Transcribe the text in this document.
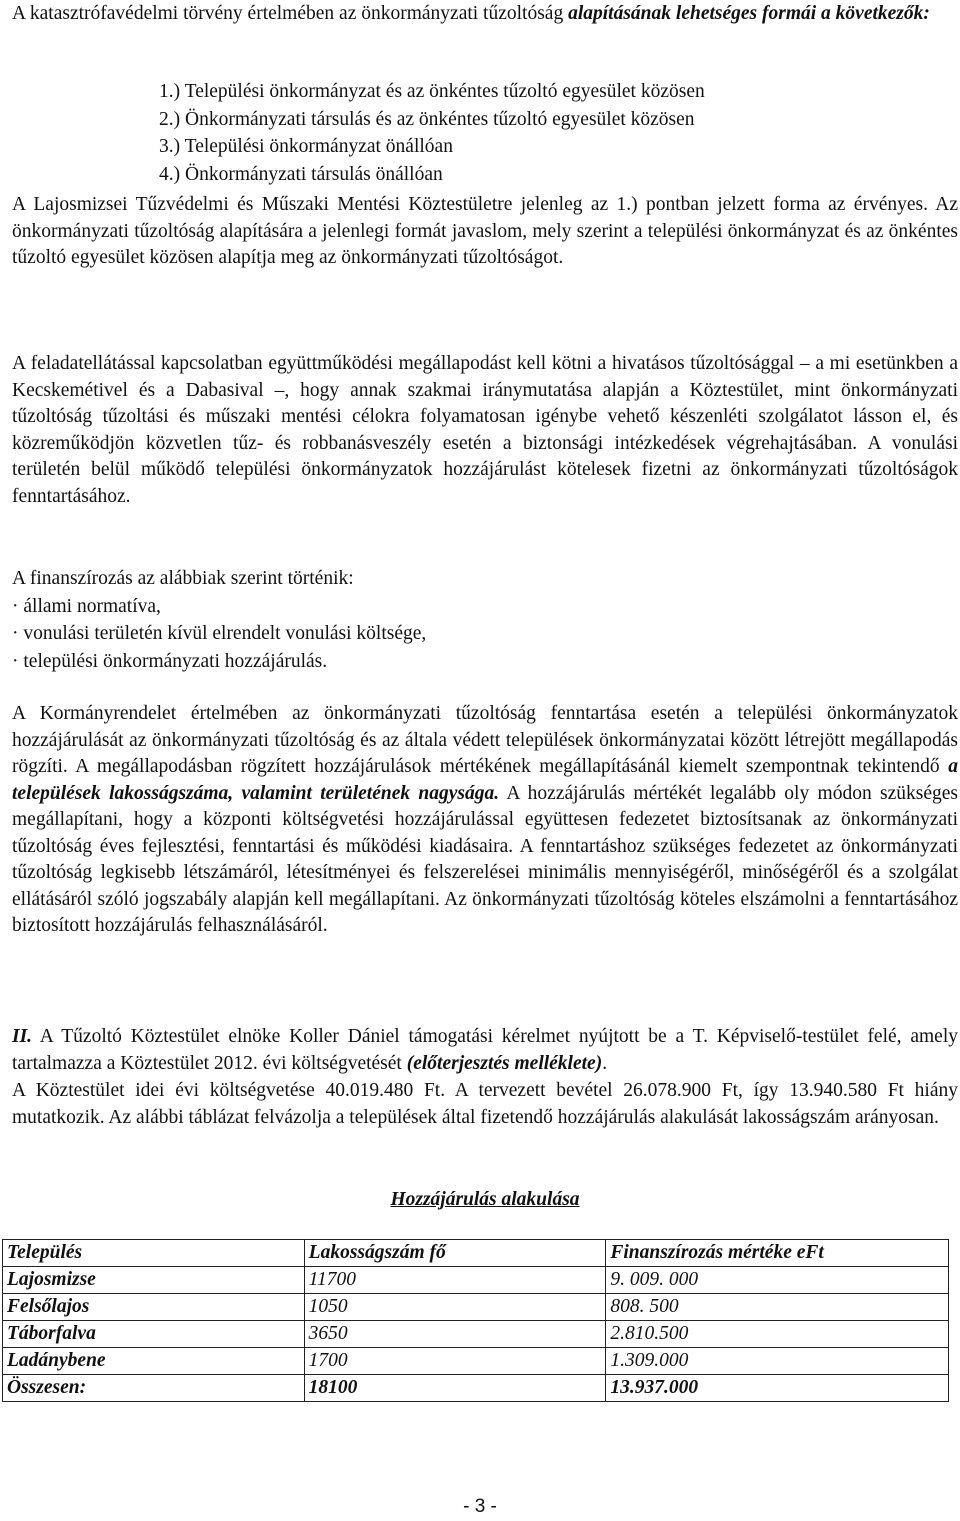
A katasztrófavédelmi törvény értelmében az önkormányzati tűzoltóság alapításának lehetséges formái a következők:

1.) Települési önkormányzat és az önkéntes tűzoltó egyesület közösen
2.) Önkormányzati társulás és az önkéntes tűzoltó egyesület közösen
3.) Települési önkormányzat önállóan
4.) Önkormányzati társulás önállóan

A Lajosmizsei Tűzvédelmi és Műszaki Mentési Köztestületre jelenleg az 1.) pontban jelzett forma az érvényes. Az önkormányzati tűzoltóság alapítására a jelenlegi formát javaslom, mely szerint a települési önkormányzat és az önkéntes tűzoltó egyesület közösen alapítja meg az önkormányzati tűzoltóságot.

A feladatellátással kapcsolatban együttműködési megállapodást kell kötni a hivatásos tűzoltósággal – a mi esetünkben a Kecskemétivel és a Dabasival –, hogy annak szakmai iránymutatása alapján a Köztestület, mint önkormányzati tűzoltóság tűzoltási és műszaki mentési célokra folyamatosan igénybe vehető készenléti szolgálatot lásson el, és közreműködjön közvetlen tűz- és robbanásveszély esetén a biztonsági intézkedések végrehajtásában. A vonulási területén belül működő települési önkormányzatok hozzájárulást kötelesek fizetni az önkormányzati tűzoltóságok fenntartásához.

A finanszírozás az alábbiak szerint történik:

· állami normatíva,
· vonulási területén kívül elrendelt vonulási költsége,
· települési önkormányzati hozzájárulás.

A Kormányrendelet értelmében az önkormányzati tűzoltóság fenntartása esetén a települési önkormányzatok hozzájárulását az önkormányzati tűzoltóság és az általa védett települések önkormányzatai között létrejött megállapodás rögzíti. A megállapodásban rögzített hozzájárulások mértékének megállapításánál kiemelt szempontnak tekintendő a települések lakosságszáma, valamint területének nagysága. A hozzájárulás mértékét legalább oly módon szükséges megállapítani, hogy a központi költségvetési hozzájárulással együttesen fedezetet biztosítsanak az önkormányzati tűzoltóság éves fejlesztési, fenntartási és működési kiadásaira. A fenntartáshoz szükséges fedezetet az önkormányzati tűzoltóság legkisebb létszámáról, létesítményei és felszerelései minimális mennyiségéről, minőségéről és a szolgálat ellátásáról szóló jogszabály alapján kell megállapítani. Az önkormányzati tűzoltóság köteles elszámolni a fenntartásához biztosított hozzájárulás felhasználásáról.

II. A Tűzoltó Köztestület elnöke Koller Dániel támogatási kérelmet nyújtott be a T. Képviselő-testület felé, amely tartalmazza a Köztestület 2012. évi költségvetését (előterjesztés melléklete).

A Köztestület idei évi költségvetése 40.019.480 Ft. A tervezett bevétel 26.078.900 Ft, így 13.940.580 Ft hiány mutatkozik. Az alábbi táblázat felvázolja a települések által fizetendő hozzájárulás alakulását lakosságszám arányosan.

Hozzájárulás alakulása
Település	Lakosságszám fő	Finanszírozás mértéke eFt
Lajosmizse	11700	9. 009. 000
Felsőlajos	1050	808. 500
Táborfalva	3650	2.810.500
Ladánybene	1700	1.309.000
Összesen:	18100	13.937.000
- 3 -
